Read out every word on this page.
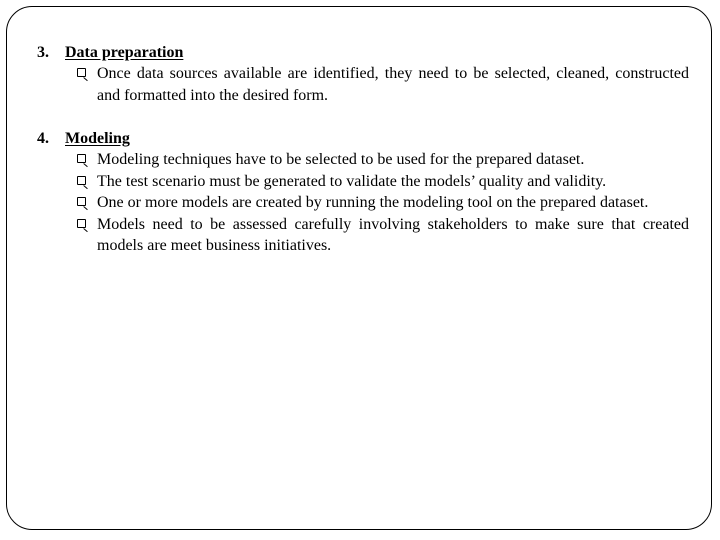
3. Data preparation
Once data sources available are identified, they need to be selected, cleaned, constructed and formatted into the desired form.
4. Modeling
Modeling techniques have to be selected to be used for the prepared dataset.
The test scenario must be generated to validate the models’ quality and validity.
One or more models are created by running the modeling tool on the prepared dataset.
Models need to be assessed carefully involving stakeholders to make sure that created models are meet business initiatives.
